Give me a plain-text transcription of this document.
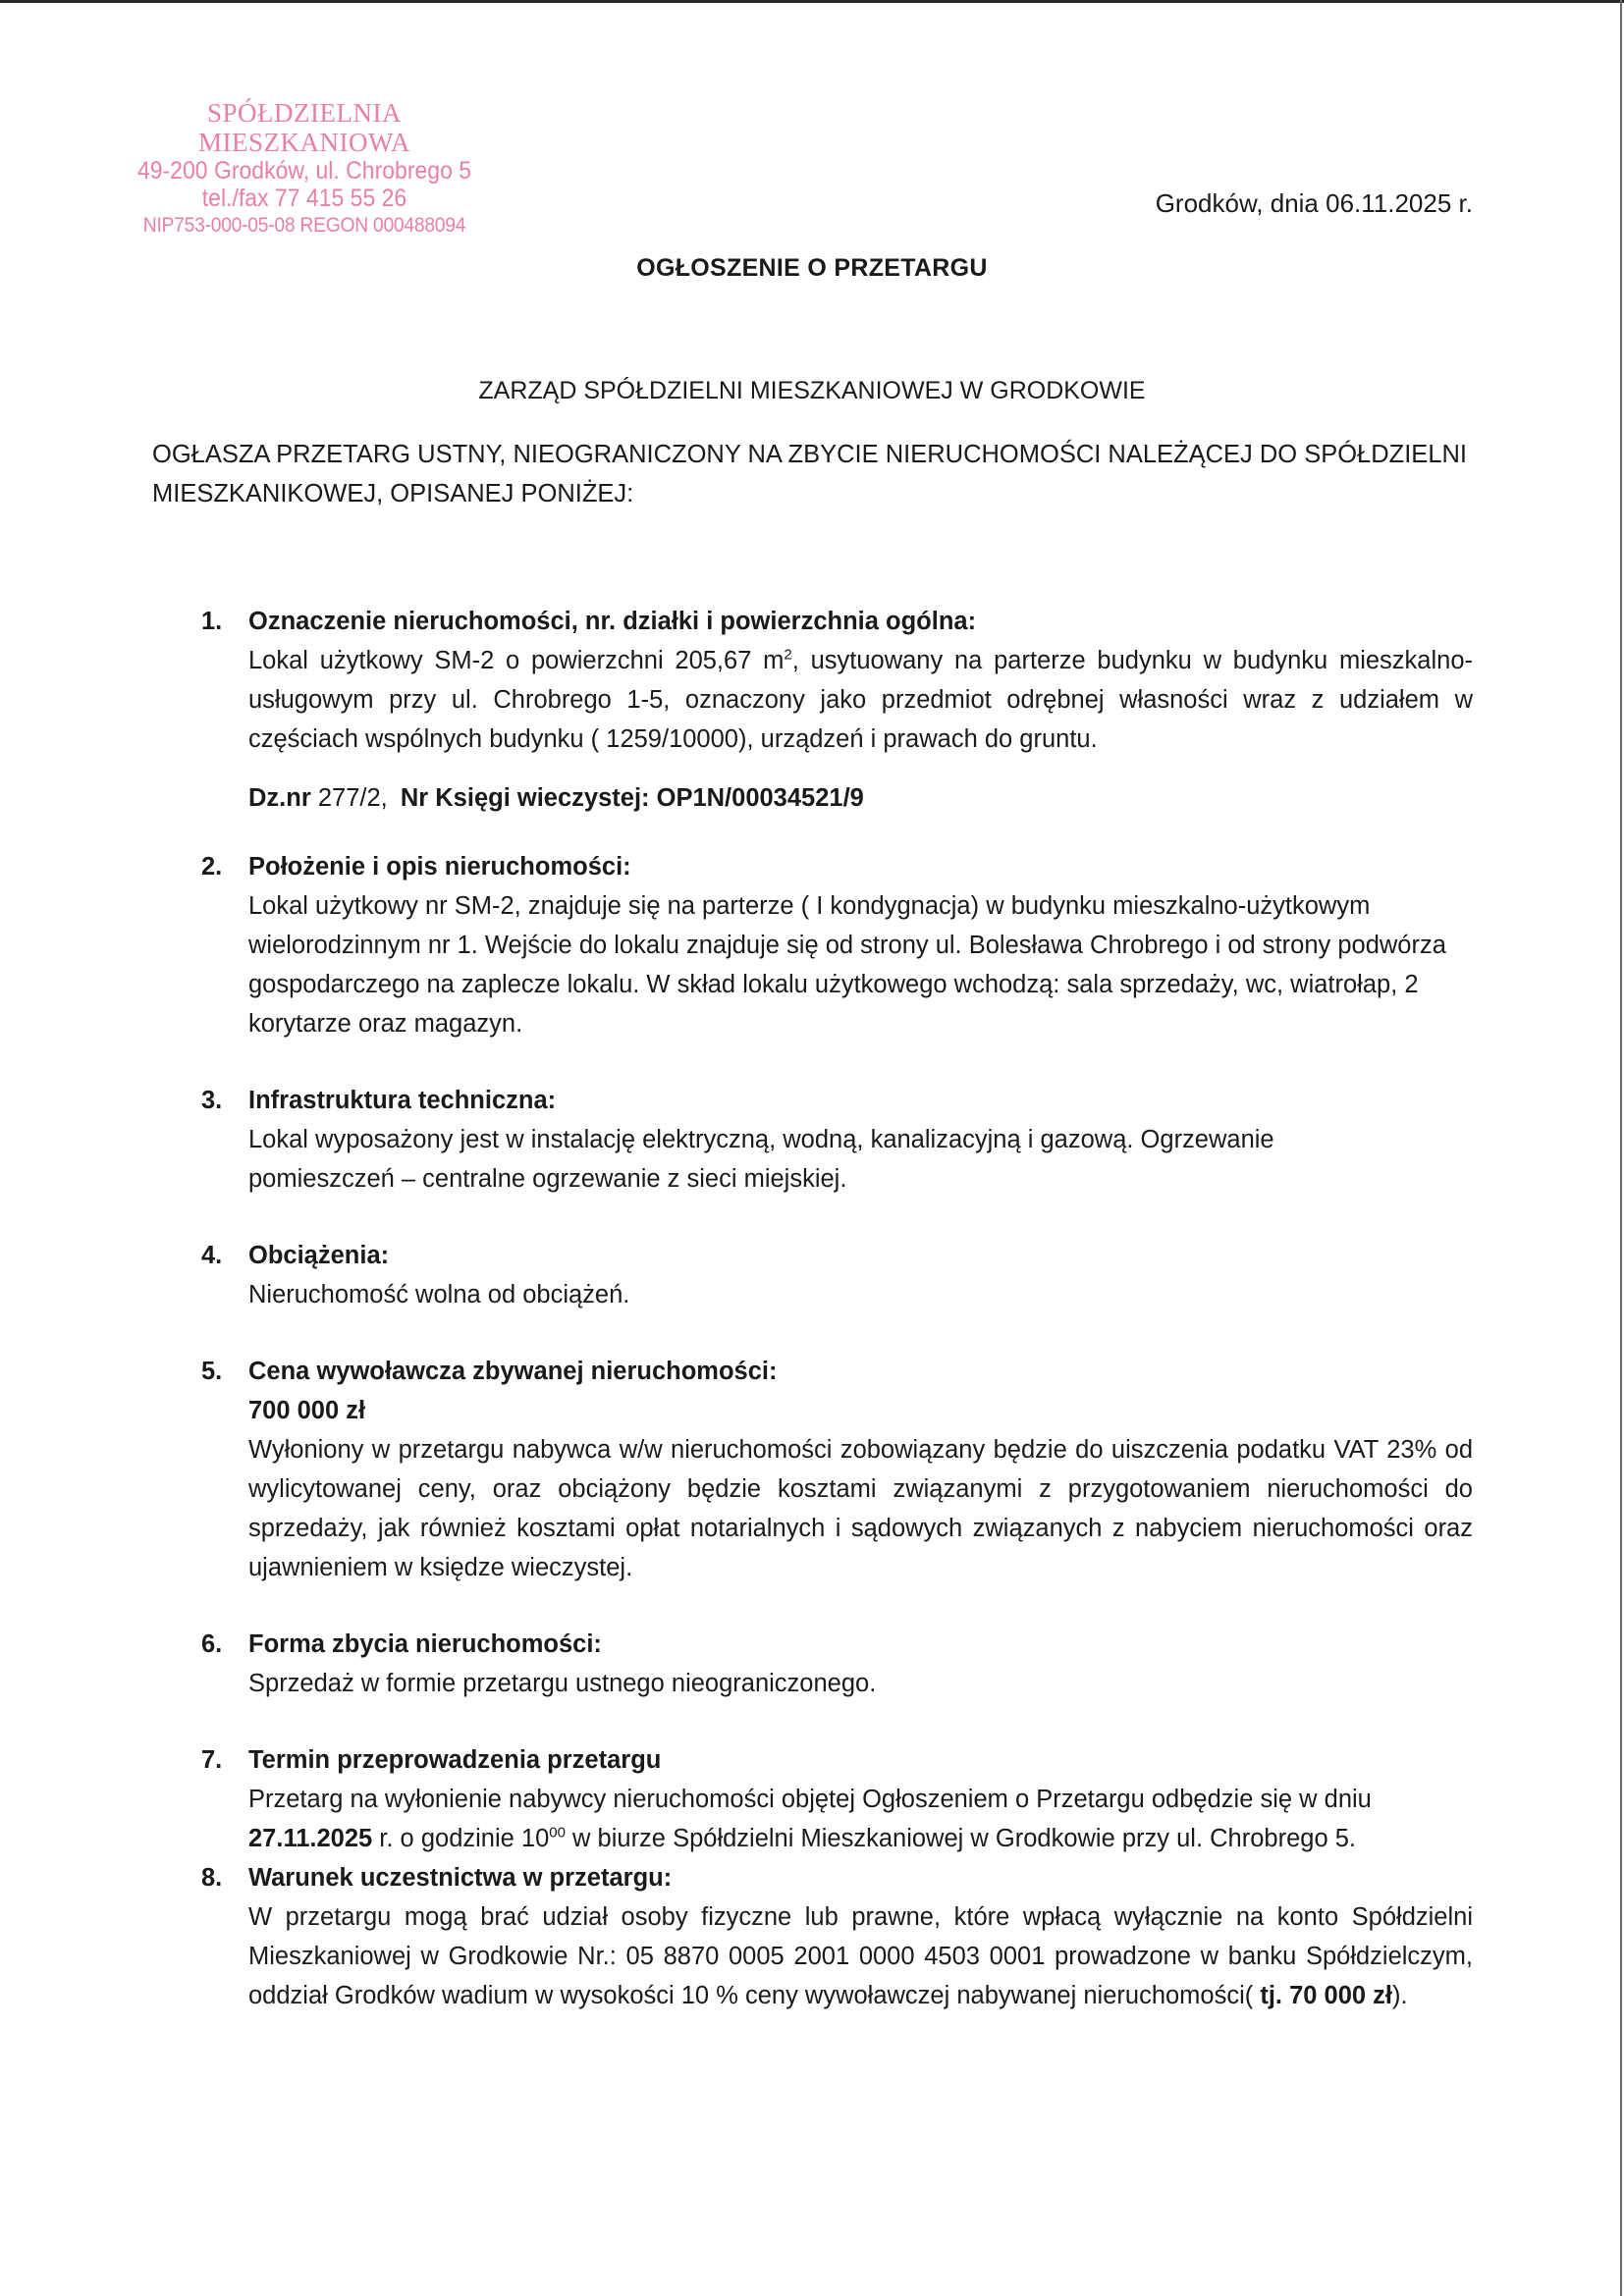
SPÓŁDZIELNIA MIESZKANIOWA
49-200 Grodków, ul. Chrobrego 5
tel./fax 77 415 55 26
NIP753-000-05-08 REGON 000488094
Grodków, dnia 06.11.2025 r.
OGŁOSZENIE O PRZETARGU
ZARZĄD SPÓŁDZIELNI MIESZKANIOWEJ W GRODKOWIE
OGŁASZA PRZETARG USTNY, NIEOGRANICZONY NA ZBYCIE NIERUCHOMOŚCI NALEŻĄCEJ DO SPÓŁDZIELNI MIESZKANIKOWEJ, OPISANEJ PONIŻEJ:
1. Oznaczenie nieruchomości, nr. działki i powierzchnia ogólna:
Lokal użytkowy SM-2 o powierzchni 205,67 $m^2$, usytuowany na parterze budynku w budynku mieszkalno-usługowym przy ul. Chrobrego 1-5, oznaczony jako przedmiot odrębnej własności wraz z udziałem w częściach wspólnych budynku ( 1259/10000), urządzeń i prawach do gruntu.
Dz.nr 277/2, Nr Księgi wieczystej: OP1N/00034521/9
2. Położenie i opis nieruchomości:
Lokal użytkowy nr SM-2, znajduje się na parterze ( I kondygnacja) w budynku mieszkalno-użytkowym wielorodzinnym nr 1. Wejście do lokalu znajduje się od strony ul. Bolesława Chrobrego i od strony podwórza gospodarczego na zaplecze lokalu. W skład lokalu użytkowego wchodzą: sala sprzedaży, wc, wiatrołap, 2 korytarze oraz magazyn.
3. Infrastruktura techniczna:
Lokal wyposażony jest w instalację elektryczną, wodną, kanalizacyjną i gazową. Ogrzewanie pomieszczeń – centralne ogrzewanie z sieci miejskiej.
4. Obciążenia:
Nieruchomość wolna od obciążeń.
5. Cena wywoławcza zbywanej nieruchomości:
700 000 zł
Wyłoniony w przetargu nabywca w/w nieruchomości zobowiązany będzie do uiszczenia podatku VAT 23% od wylicytowanej ceny, oraz obciążony będzie kosztami związanymi z przygotowaniem nieruchomości do sprzedaży, jak również kosztami opłat notarialnych i sądowych związanych z nabyciem nieruchomości oraz ujawnieniem w księdze wieczystej.
6. Forma zbycia nieruchomości:
Sprzedaż w formie przetargu ustnego nieograniczonego.
7. Termin przeprowadzenia przetargu
Przetarg na wyłonienie nabywcy nieruchomości objętej Ogłoszeniem o Przetargu odbędzie się w dniu
27.11.2025 r. o godzinie $10^{00}$ w biurze Spółdzielni Mieszkaniowej w Grodkowie przy ul. Chrobrego 5.
8. Warunek uczestnictwa w przetargu:
W przetargu mogą brać udział osoby fizyczne lub prawne, które wpłacą wyłącznie na konto Spółdzielni Mieszkaniowej w Grodkowie Nr.: 05 8870 0005 2001 0000 4503 0001 prowadzone w banku Spółdzielczym, oddział Grodków wadium w wysokości 10 % ceny wywoławczej nabywanej nieruchomości( tj. 70 000 zł).
